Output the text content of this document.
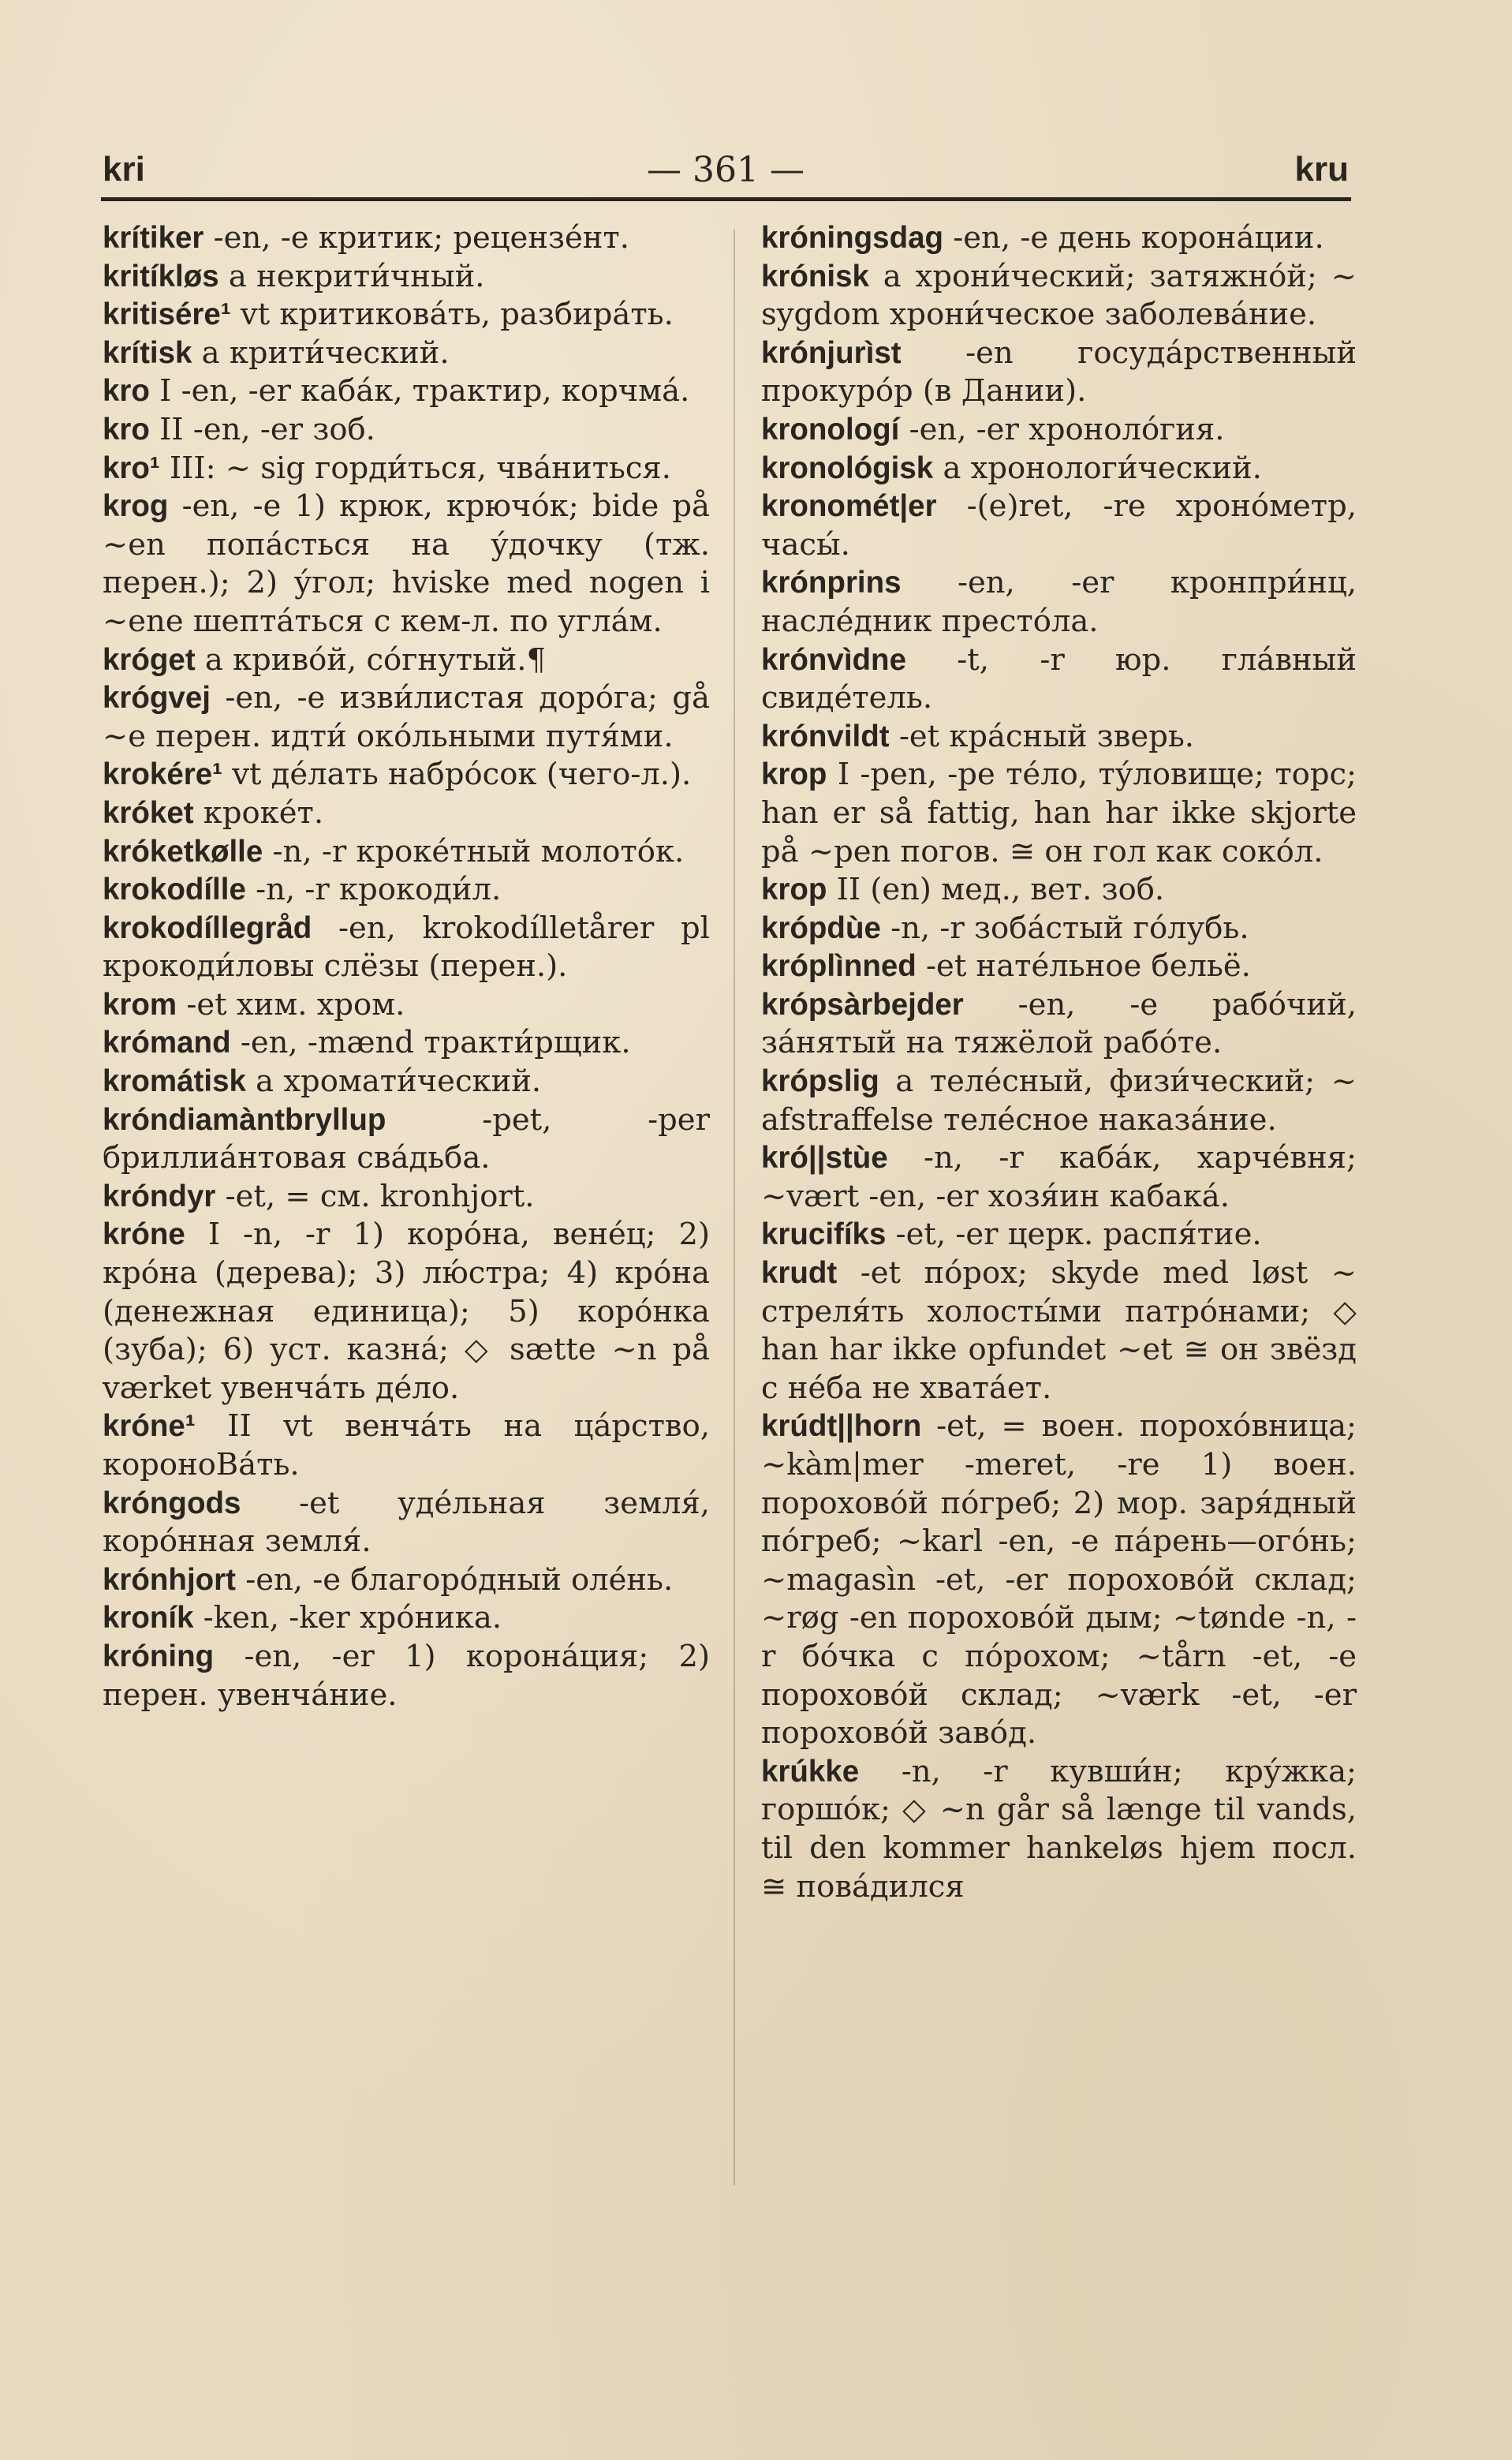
kri	— 361 —	kru

krítiker -en, -e критик; рецензе́нт.

kritíkløs a некрити́чный.

kritisére¹ vt критикова́ть, разбира́ть.

krítisk a крити́ческий.

kro I -en, -er каба́к, трактир, корчма́.

kro II -en, -er зоб.

kro¹ III: ~ sig горди́ться, чва́ниться.

krog -en, -e 1) крюк, крючо́к; bide på ~en попа́сться на у́дочку (тж. перен.); 2) у́гол; hviske med nogen i ~ene шепта́ться с кем-л. по угла́м.

króget a криво́й, со́гнутый.¶

krógvej -en, -e изви́листая доро́га; gå ~e перен. идти́ око́льными путя́ми.

krokére¹ vt де́лать набро́сок (чего-л.).

króket кроке́т.

króketkølle -n, -r кроке́тный молото́к.

krokodílle -n, -r крокоди́л.

krokodíllegråd -en, krokodílletårer pl крокоди́ловы слёзы (перен.).

krom -et хим. хром.

krómand -en, -mænd тракти́рщик.

kromátisk a хромати́ческий.

króndiamàntbryllup -pet, -per бриллиа́нтовая сва́дьба.

króndyr -et, = см. kronhjort.

króne I -n, -r 1) коро́на, вене́ц; 2) кро́на (дерева); 3) лю́стра; 4) кро́на (денежная единица); 5) коро́нка (зуба); 6) уст. казна́; ◇ sætte ~n på værket увенча́ть де́ло.

króne¹ II vt венча́ть на ца́рство, короноВа́ть.

króngods -et уде́льная земля́, коро́нная земля́.

krónhjort -en, -e благоро́дный оле́нь.

kroník -ken, -ker хро́ника.

króning -en, -er 1) корона́ция; 2) перен. увенча́ние.

króningsdag -en, -e день корона́ции.

krónisk a хрони́ческий; затяжно́й; ~ sygdom хрони́ческое заболева́ние.

krónjurìst -en госуда́рственный прокуро́р (в Дании).

kronologí -en, -er хроноло́гия.

kronológisk a хронологи́ческий.

kronomét|er -(e)ret, -re хроно́метр, часы́.

krónprins -en, -er кронпри́нц, насле́дник престо́ла.

krónvìdne -t, -r юр. гла́вный свиде́тель.

krónvildt -et кра́сный зверь.

krop I -pen, -pe те́ло, ту́ловище; торс; han er så fattig, han har ikke skjorte på ~pen погов. ≅ он гол как соко́л.

krop II (en) мед., вет. зоб.

krópdùe -n, -r зоба́стый го́лубь.

króplìnned -et натéльное бельё.

krópsàrbejder -en, -e рабо́чий, за́нятый на тяжёлой рабо́те.

krópslig a теле́сный, физи́ческий; ~ afstraffelse теле́сное наказа́ние.

kró||stùe -n, -r каба́к, харче́вня; ~vært -en, -er хозя́ин кабака́.

krucifíks -et, -er церк. распя́тие.

krudt -et по́рох; skyde med løst ~ стреля́ть холосты́ми патро́нами; ◇ han har ikke opfundet ~et ≅ он звёзд с не́ба не хвата́ет.

krúdt||horn -et, = воен. порохо́вница; ~kàm|mer -meret, -re 1) воен. порохово́й по́греб; 2) мор. заря́дный по́греб; ~karl -en, -e па́рень—ого́нь; ~magasìn -et, -er порохово́й склад; ~røg -en порохово́й дым; ~tønde -n, -r бо́чка с по́рохом; ~tårn -et, -e порохово́й склад; ~værk -et, -er порохово́й заво́д.

krúkke -n, -r кувши́н; кру́жка; горшо́к; ◇ ~n går så længe til vands, til den kommer hankeløs hjem посл. ≅ пова́дился
